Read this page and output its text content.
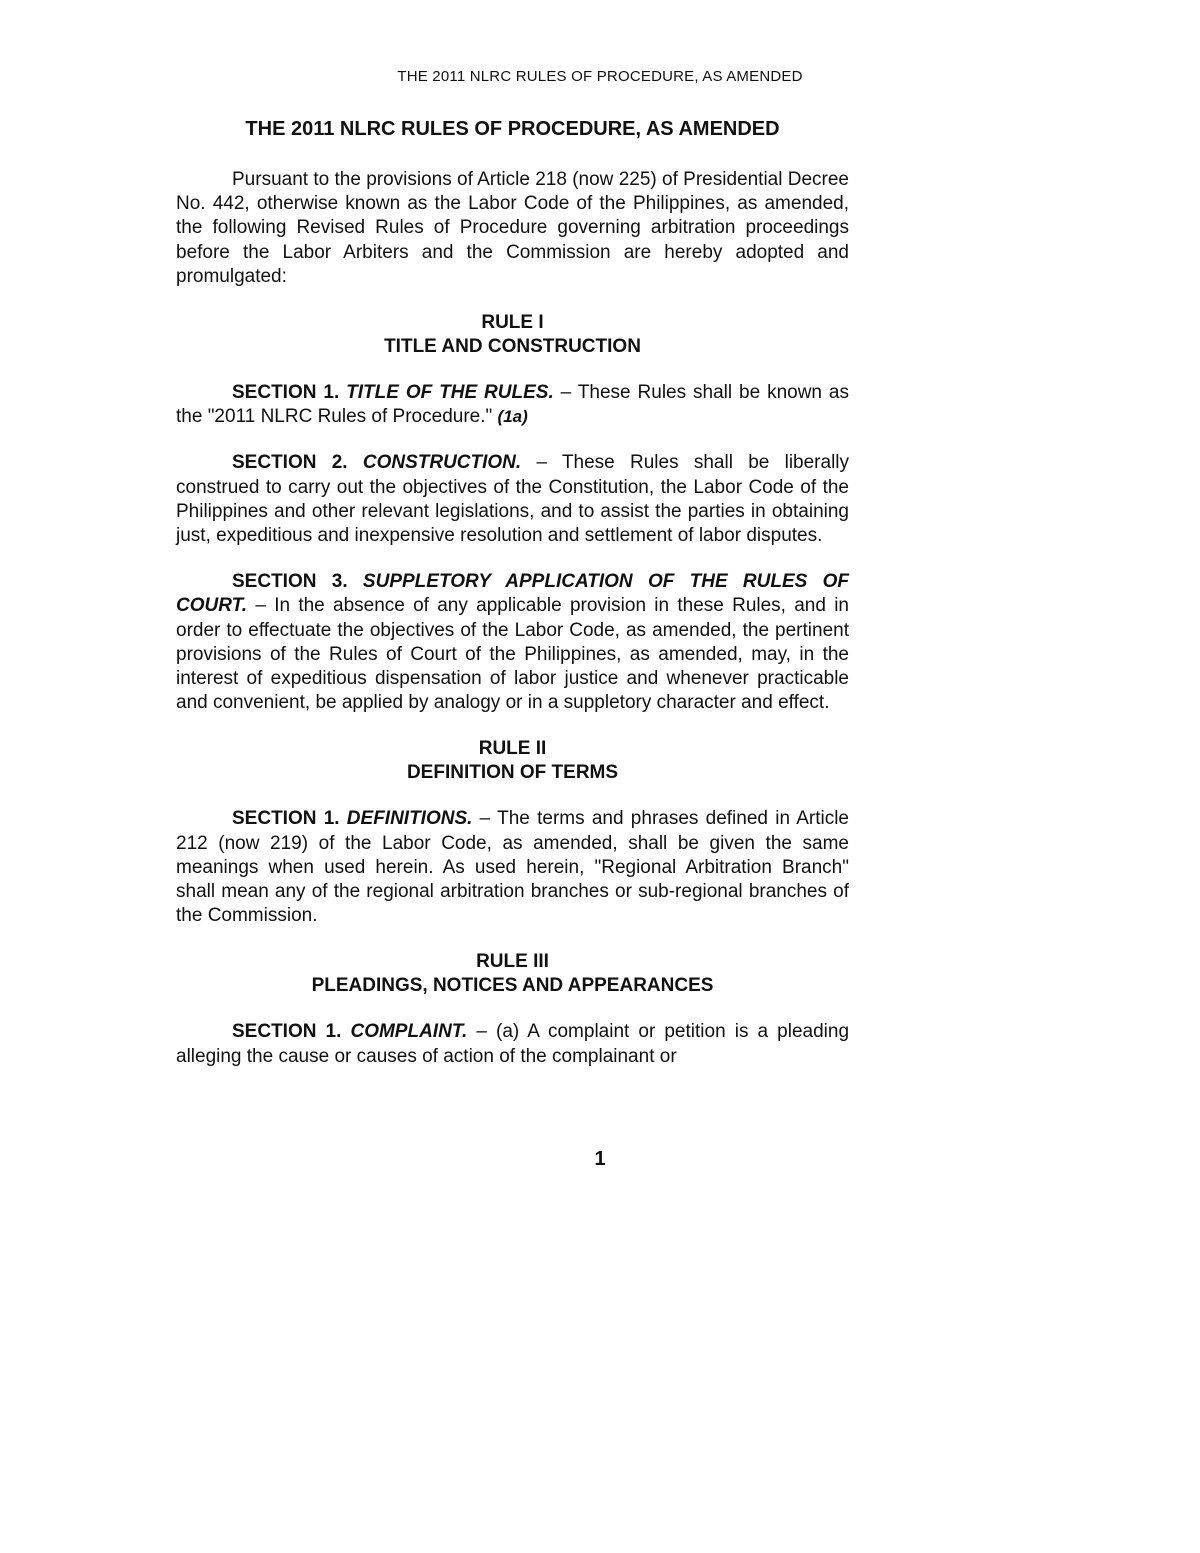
THE 2011 NLRC RULES OF PROCEDURE, AS AMENDED
THE 2011 NLRC RULES OF PROCEDURE, AS AMENDED

Pursuant to the provisions of Article 218 (now 225) of Presidential Decree No. 442, otherwise known as the Labor Code of the Philippines, as amended, the following Revised Rules of Procedure governing arbitration proceedings before the Labor Arbiters and the Commission are hereby adopted and promulgated:

RULE I
TITLE AND CONSTRUCTION

SECTION 1. TITLE OF THE RULES. – These Rules shall be known as the "2011 NLRC Rules of Procedure." (1a)

SECTION 2. CONSTRUCTION. – These Rules shall be liberally construed to carry out the objectives of the Constitution, the Labor Code of the Philippines and other relevant legislations, and to assist the parties in obtaining just, expeditious and inexpensive resolution and settlement of labor disputes.

SECTION 3. SUPPLETORY APPLICATION OF THE RULES OF COURT. – In the absence of any applicable provision in these Rules, and in order to effectuate the objectives of the Labor Code, as amended, the pertinent provisions of the Rules of Court of the Philippines, as amended, may, in the interest of expeditious dispensation of labor justice and whenever practicable and convenient, be applied by analogy or in a suppletory character and effect.

RULE II
DEFINITION OF TERMS

SECTION 1. DEFINITIONS. – The terms and phrases defined in Article 212 (now 219) of the Labor Code, as amended, shall be given the same meanings when used herein. As used herein, "Regional Arbitration Branch" shall mean any of the regional arbitration branches or sub-regional branches of the Commission.

RULE III
PLEADINGS, NOTICES AND APPEARANCES

SECTION 1. COMPLAINT. – (a) A complaint or petition is a pleading alleging the cause or causes of action of the complainant or

1
